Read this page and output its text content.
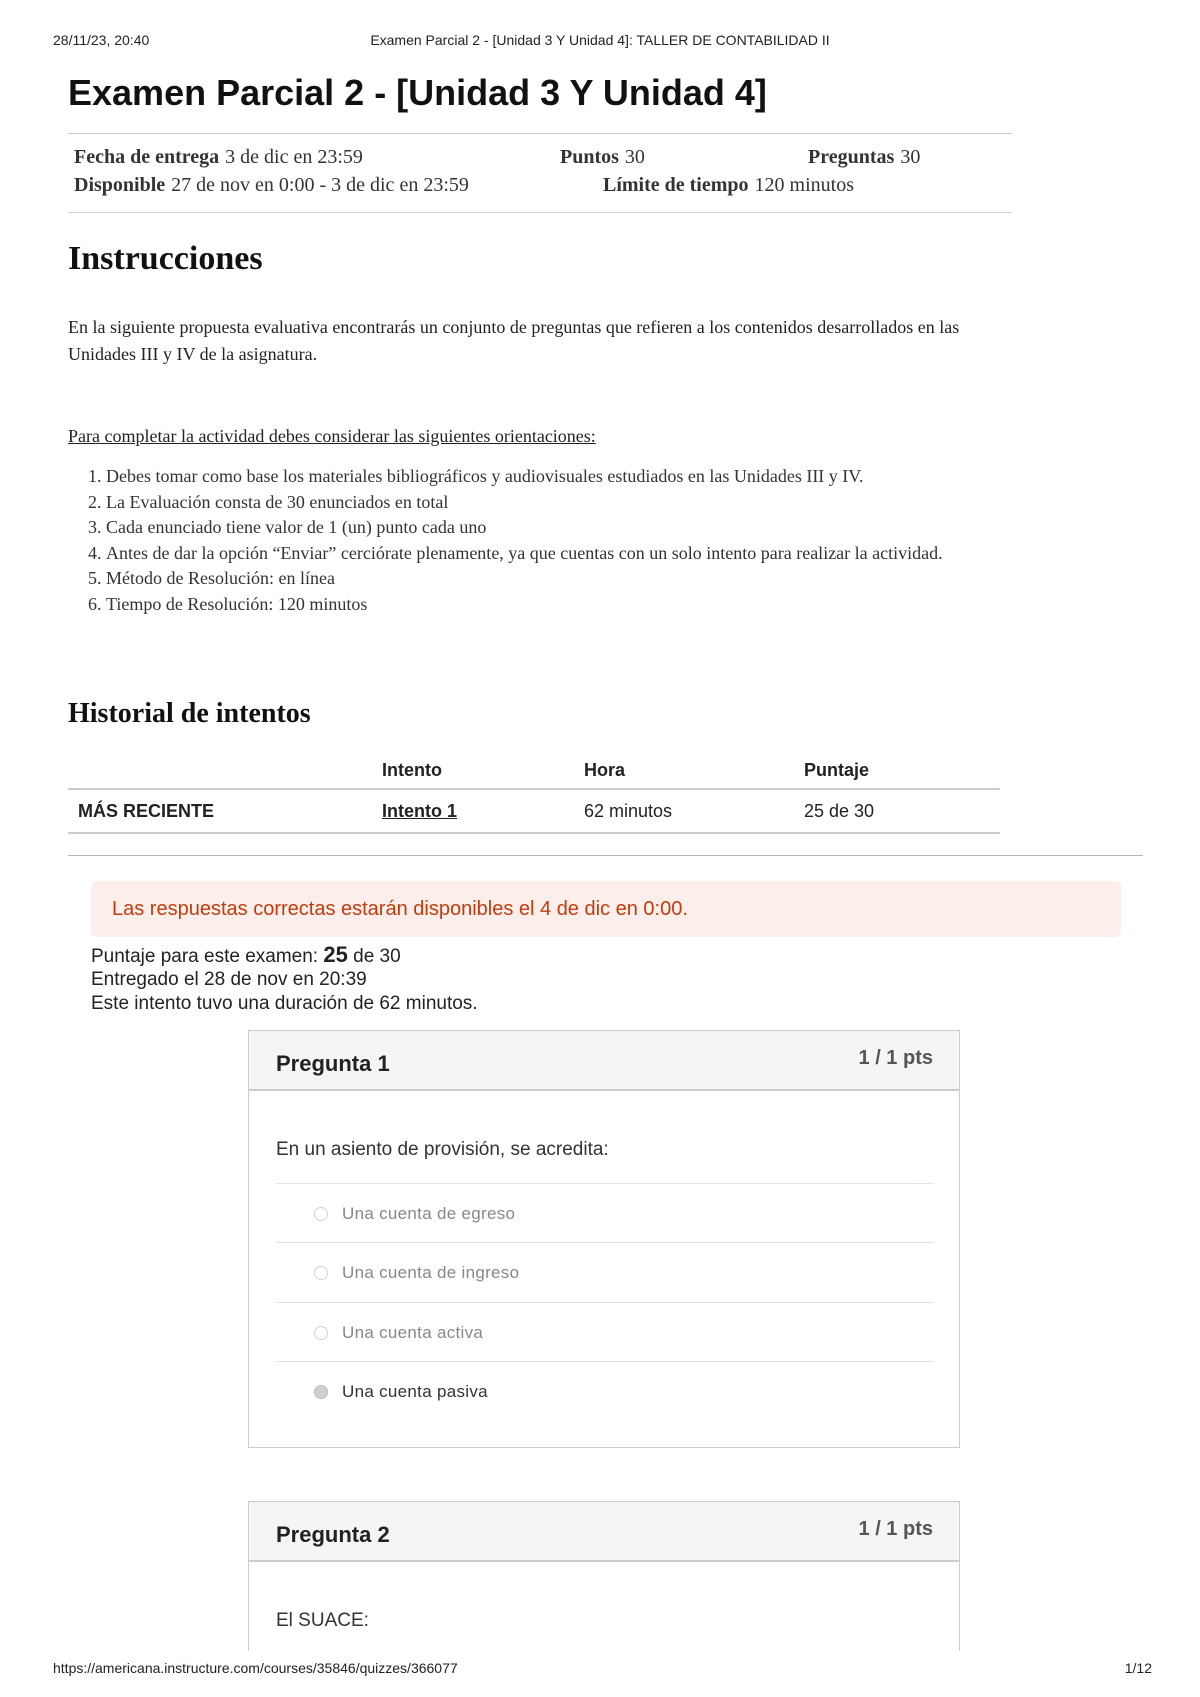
28/11/23, 20:40	Examen Parcial 2 - [Unidad 3 Y Unidad 4]: TALLER DE CONTABILIDAD II
Examen Parcial 2 - [Unidad 3 Y Unidad 4]
Fecha de entrega 3 de dic en 23:59	Puntos 30	Preguntas 30
Disponible 27 de nov en 0:00 - 3 de dic en 23:59	Límite de tiempo 120 minutos
Instrucciones

En la siguiente propuesta evaluativa encontrarás un conjunto de preguntas que refieren a los contenidos desarrollados en las Unidades III y IV de la asignatura.

Para completar la actividad debes considerar las siguientes orientaciones:

1. Debes tomar como base los materiales bibliográficos y audiovisuales estudiados en las Unidades III y IV.
2. La Evaluación consta de 30 enunciados en total
3. Cada enunciado tiene valor de 1 (un) punto cada uno
4. Antes de dar la opción “Enviar” cerciórate plenamente, ya que cuentas con un solo intento para realizar la actividad.
5. Método de Resolución: en línea
6. Tiempo de Resolución: 120 minutos
Historial de intentos
	Intento	Hora	Puntaje
MÁS RECIENTE	Intento 1	62 minutos	25 de 30
Las respuestas correctas estarán disponibles el 4 de dic en 0:00.
Puntaje para este examen: 25 de 30
Entregado el 28 de nov en 20:39
Este intento tuvo una duración de 62 minutos.
Pregunta 1	1 / 1 pts
En un asiento de provisión, se acredita:
Una cuenta de egreso
Una cuenta de ingreso
Una cuenta activa
Una cuenta pasiva
Pregunta 2	1 / 1 pts
El SUACE:
https://americana.instructure.com/courses/35846/quizzes/366077	1/12
